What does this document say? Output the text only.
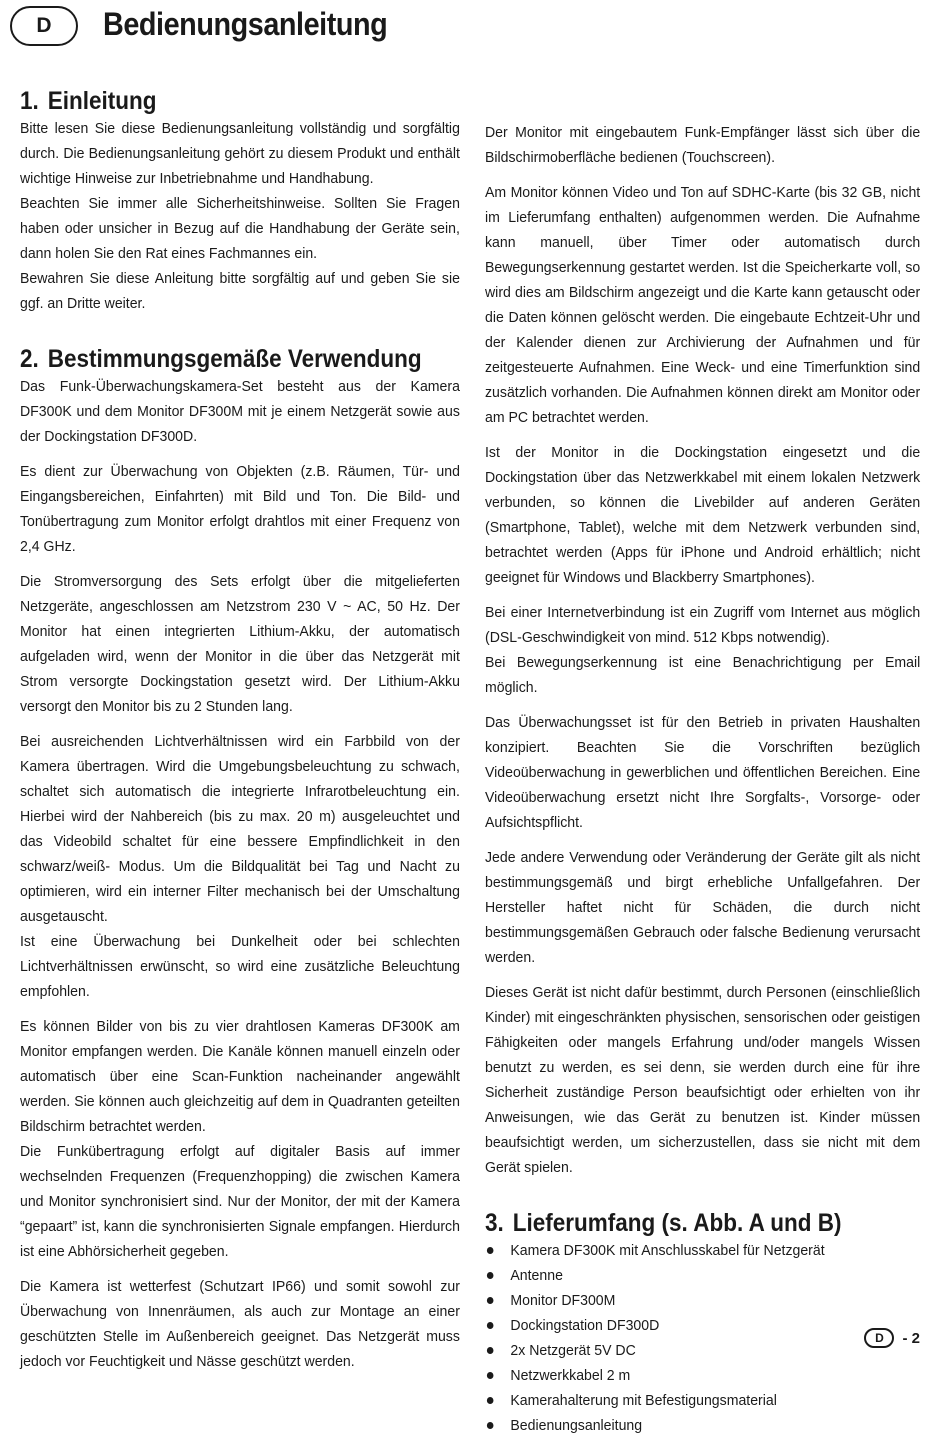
D	Bedienungsanleitung
1. Einleitung

Bitte lesen Sie diese Bedienungsanleitung vollständig und sorgfältig durch. Die Bedienungsanleitung gehört zu diesem Produkt und enthält wichtige Hinweise zur Inbetriebnahme und Handhabung.

Beachten Sie immer alle Sicherheitshinweise. Sollten Sie Fragen haben oder unsicher in Bezug auf die Handhabung der Geräte sein, dann holen Sie den Rat eines Fachmannes ein.

Bewahren Sie diese Anleitung bitte sorgfältig auf und geben Sie sie ggf. an Dritte weiter.

2. Bestimmungsgemäße Verwendung

Das Funk-Überwachungskamera-Set besteht aus der Kamera DF300K und dem Monitor DF300M mit je einem Netzgerät sowie aus der Dockingstation DF300D.

Es dient zur Überwachung von Objekten (z.B. Räumen, Tür- und Eingangsbereichen, Einfahrten) mit Bild und Ton. Die Bild- und Tonübertragung zum Monitor erfolgt drahtlos mit einer Frequenz von 2,4 GHz.

Die Stromversorgung des Sets erfolgt über die mitgelieferten Netzgeräte, angeschlossen am Netzstrom 230 V ~ AC, 50 Hz. Der Monitor hat einen integrierten Lithium-Akku, der automatisch aufgeladen wird, wenn der Monitor in die über das Netzgerät mit Strom versorgte Dockingstation gesetzt wird. Der Lithium-Akku versorgt den Monitor bis zu 2 Stunden lang.

Bei ausreichenden Lichtverhältnissen wird ein Farbbild von der Kamera übertragen. Wird die Umgebungsbeleuchtung zu schwach, schaltet sich automatisch die integrierte Infrarotbeleuchtung ein. Hierbei wird der Nahbereich (bis zu max. 20 m) ausgeleuchtet und das Videobild schaltet für eine bessere Empfindlichkeit in den schwarz/weiß- Modus. Um die Bildqualität bei Tag und Nacht zu optimieren, wird ein interner Filter mechanisch bei der Umschaltung ausgetauscht.

Ist eine Überwachung bei Dunkelheit oder bei schlechten Lichtverhältnissen erwünscht, so wird eine zusätzliche Beleuchtung empfohlen.

Es können Bilder von bis zu vier drahtlosen Kameras DF300K am Monitor empfangen werden. Die Kanäle können manuell einzeln oder automatisch über eine Scan-Funktion nacheinander angewählt werden. Sie können auch gleichzeitig auf dem in Quadranten geteilten Bildschirm betrachtet werden.

Die Funkübertragung erfolgt auf digitaler Basis auf immer wechselnden Frequenzen (Frequenzhopping) die zwischen Kamera und Monitor synchronisiert sind. Nur der Monitor, der mit der Kamera “gepaart” ist, kann die synchronisierten Signale empfangen. Hierdurch ist eine Abhörsicherheit gegeben.

Die Kamera ist wetterfest (Schutzart IP66) und somit sowohl zur Überwachung von Innenräumen, als auch zur Montage an einer geschützten Stelle im Außenbereich geeignet. Das Netzgerät muss jedoch vor Feuchtigkeit und Nässe geschützt werden.

Der Monitor mit eingebautem Funk-Empfänger lässt sich über die Bildschirmoberfläche bedienen (Touchscreen).

Am Monitor können Video und Ton auf SDHC-Karte (bis 32 GB, nicht im Lieferumfang enthalten) aufgenommen werden. Die Aufnahme kann manuell, über Timer oder automatisch durch Bewegungserkennung gestartet werden. Ist die Speicherkarte voll, so wird dies am Bildschirm angezeigt und die Karte kann getauscht oder die Daten können gelöscht werden. Die eingebaute Echtzeit-Uhr und der Kalender dienen zur Archivierung der Aufnahmen und für zeitgesteuerte Aufnahmen. Eine Weck- und eine Timerfunktion sind zusätzlich vorhanden. Die Aufnahmen können direkt am Monitor oder am PC betrachtet werden.

Ist der Monitor in die Dockingstation eingesetzt und die Dockingstation über das Netzwerkkabel mit einem lokalen Netzwerk verbunden, so können die Livebilder auf anderen Geräten (Smartphone, Tablet), welche mit dem Netzwerk verbunden sind, betrachtet werden (Apps für iPhone und Android erhältlich; nicht geeignet für Windows und Blackberry Smartphones).

Bei einer Internetverbindung ist ein Zugriff vom Internet aus möglich (DSL-Geschwindigkeit von mind. 512 Kbps notwendig).

Bei Bewegungserkennung ist eine Benachrichtigung per Email möglich.

Das Überwachungsset ist für den Betrieb in privaten Haushalten konzipiert. Beachten Sie die Vorschriften bezüglich Videoüberwachung in gewerblichen und öffentlichen Bereichen. Eine Videoüberwachung ersetzt nicht Ihre Sorgfalts-, Vorsorge- oder Aufsichtspflicht.

Jede andere Verwendung oder Veränderung der Geräte gilt als nicht bestimmungsgemäß und birgt erhebliche Unfallgefahren. Der Hersteller haftet nicht für Schäden, die durch nicht bestimmungsgemäßen Gebrauch oder falsche Bedienung verursacht werden.

Dieses Gerät ist nicht dafür bestimmt, durch Personen (einschließlich Kinder) mit eingeschränkten physischen, sensorischen oder geistigen Fähigkeiten oder mangels Erfahrung und/oder mangels Wissen benutzt zu werden, es sei denn, sie werden durch eine für ihre Sicherheit zuständige Person beaufsichtigt oder erhielten von ihr Anweisungen, wie das Gerät zu benutzen ist. Kinder müssen beaufsichtigt werden, um sicherzustellen, dass sie nicht mit dem Gerät spielen.

3. Lieferumfang (s. Abb. A und B)
Kamera DF300K mit Anschlusskabel für Netzgerät
Antenne
Monitor DF300M
Dockingstation DF300D
2x Netzgerät 5V DC
Netzwerkkabel 2 m
Kamerahalterung mit Befestigungsmaterial
Bedienungsanleitung
D	- 2
